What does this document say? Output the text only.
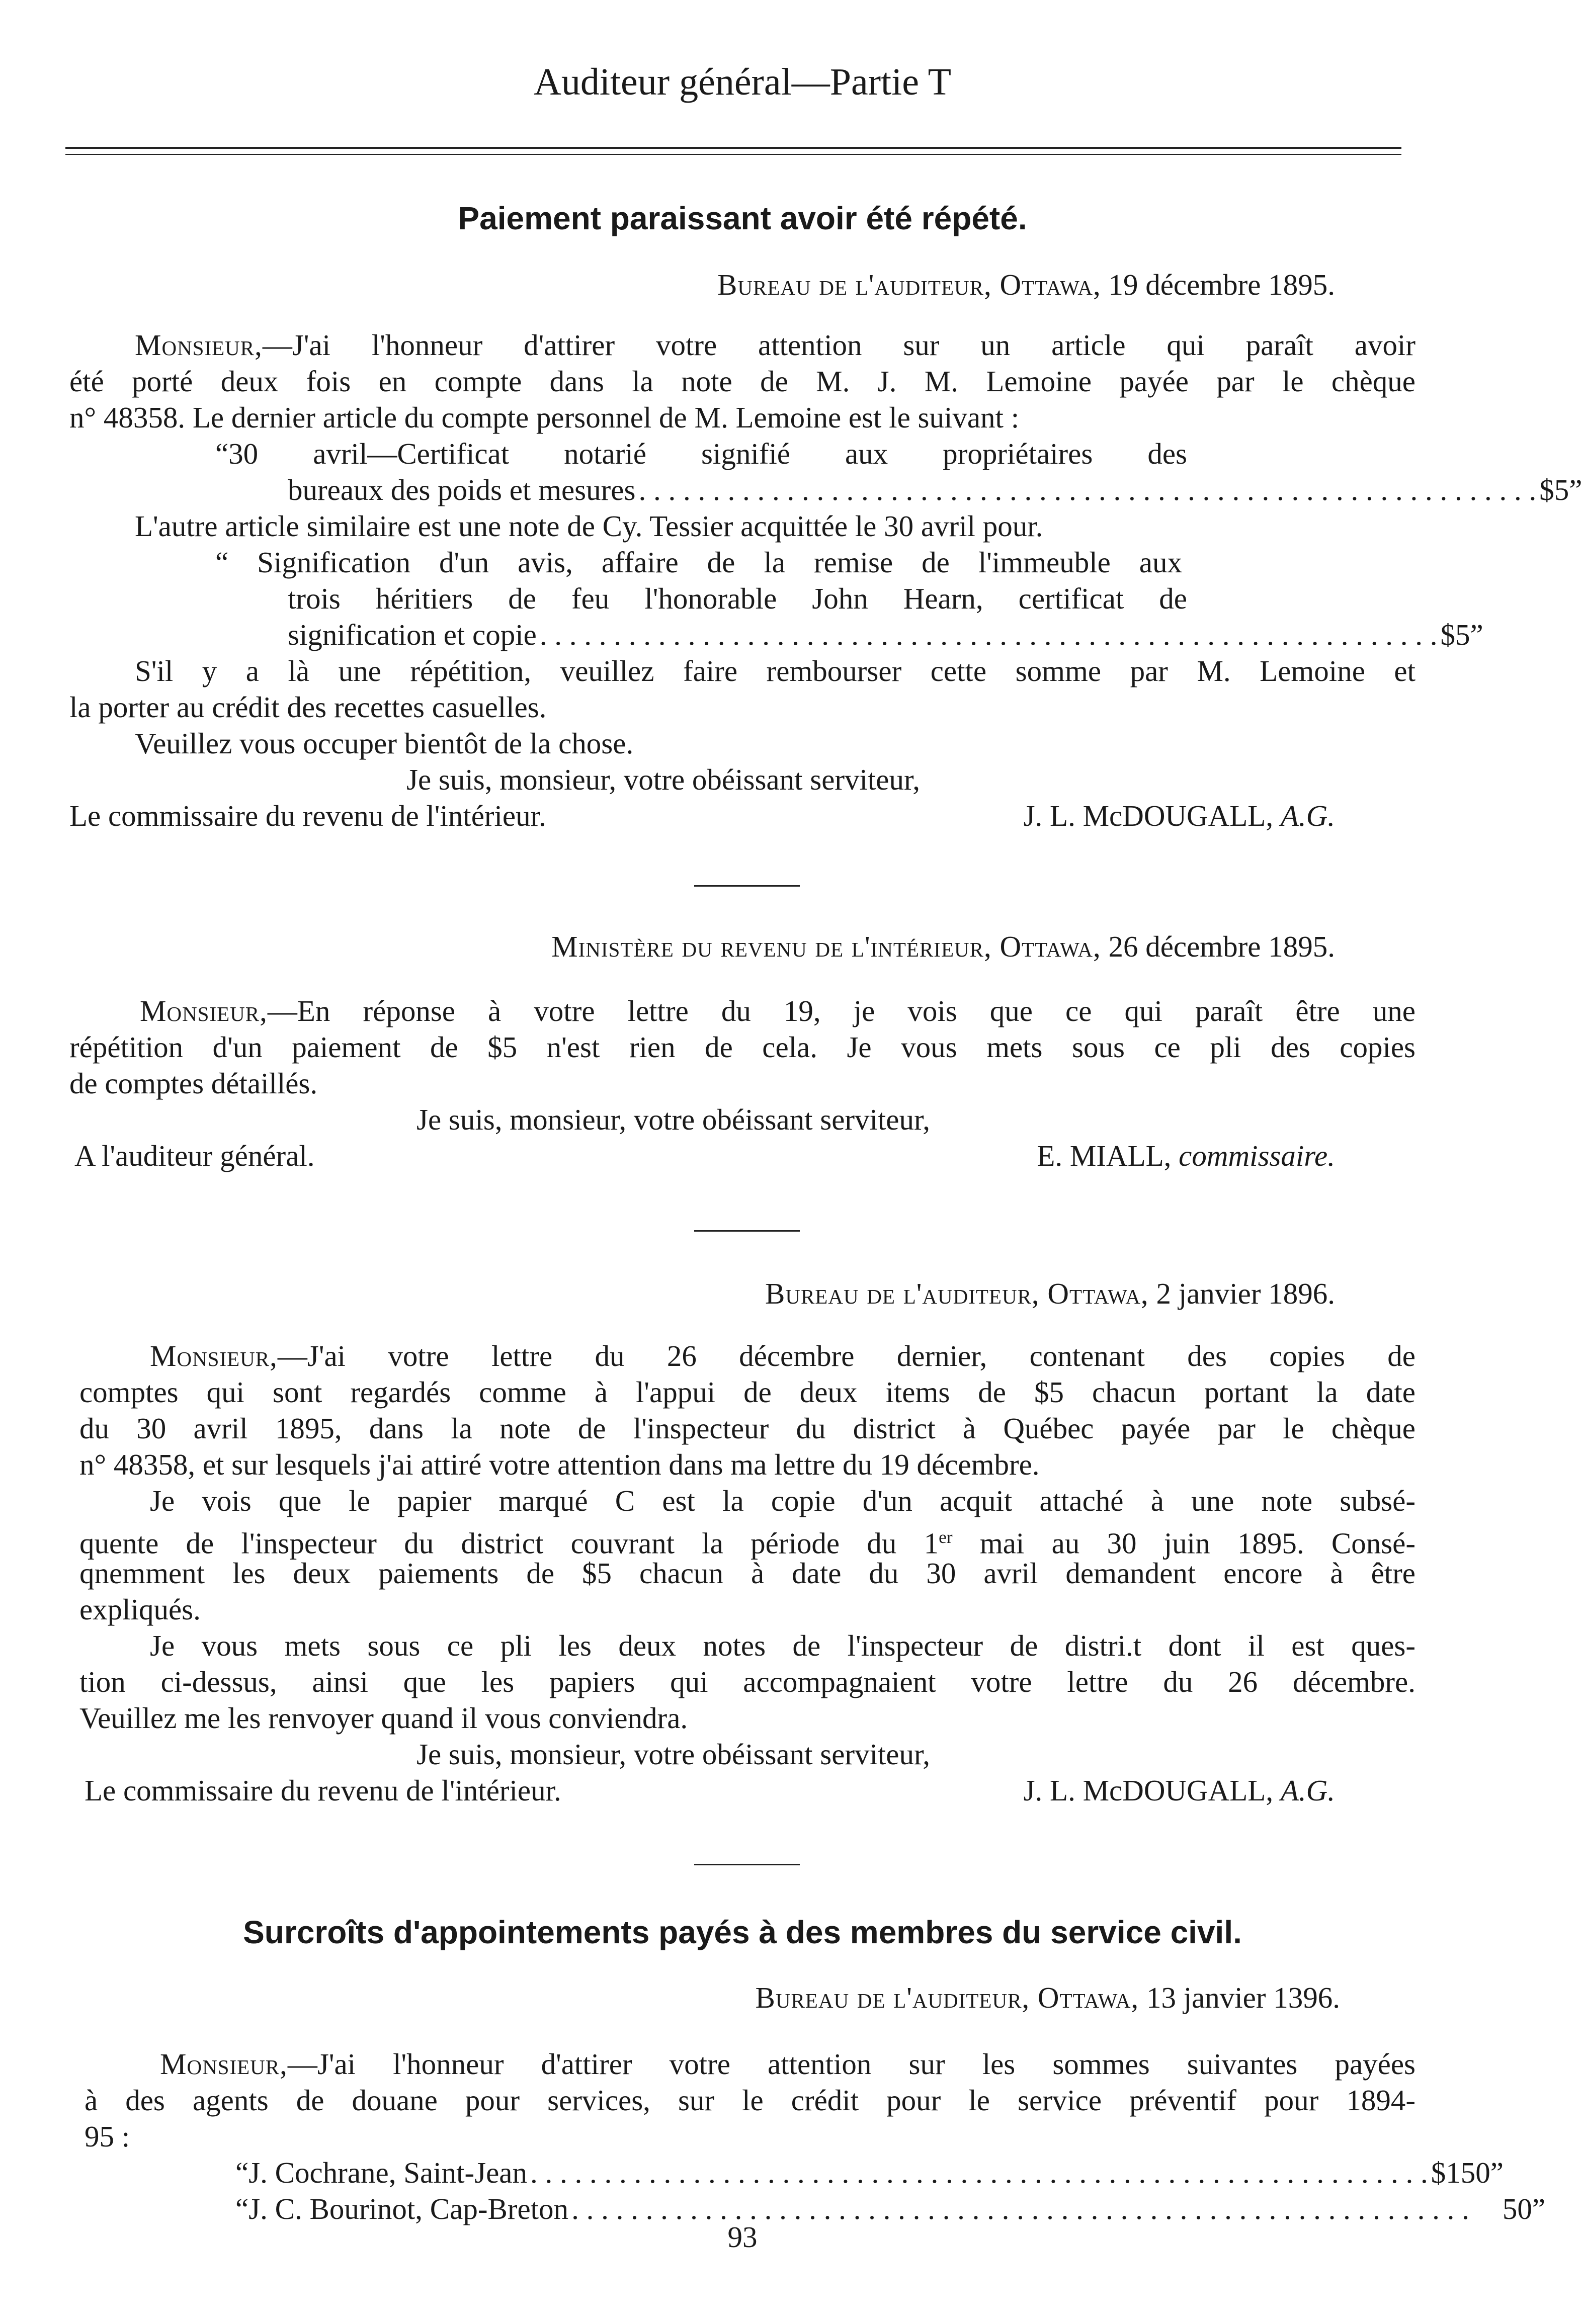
Auditeur général—Partie T
Paiement paraissant avoir été répété.
Bureau de l'auditeur, Ottawa, 19 décembre 1895.
Monsieur,—J'ai l'honneur d'attirer votre attention sur un article qui paraît avoir
été porté deux fois en compte dans la note de M. J. M. Lemoine payée par le chèque
n° 48358. Le dernier article du compte personnel de M. Lemoine est le suivant :
“30 avril—Certificat notarié signifié aux propriétaires des
bureaux des poids et mesures . . . . . . . . . . . . . . . . . . . . . . . . . . . . . . . . . . . . . . . . . . . . . . . . . . . . . . . . . . . . . $5”
L'autre article similaire est une note de Cy. Tessier acquittée le 30 avril pour.
“ Signification d'un avis, affaire de la remise de l'immeuble aux
trois héritiers de feu l'honorable John Hearn, certificat de
signification et copie . . . . . . . . . . . . . . . . . . . . . . . . . . . . . . . . . . . . . . . . . . . . . . . . . . . . . . . . . . . . . $5”
S'il y a là une répétition, veuillez faire rembourser cette somme par M. Lemoine et
la porter au crédit des recettes casuelles.
Veuillez vous occuper bientôt de la chose.
Je suis, monsieur, votre obéissant serviteur,
Le commissaire du revenu de l'intérieur.	J. L. McDOUGALL, A.G.
Ministère du revenu de l'intérieur, Ottawa, 26 décembre 1895.
Monsieur,—En réponse à votre lettre du 19, je vois que ce qui paraît être une
répétition d'un paiement de $5 n'est rien de cela. Je vous mets sous ce pli des copies
de comptes détaillés.
Je suis, monsieur, votre obéissant serviteur,
A l'auditeur général.	E. MIALL, commissaire.
Bureau de l'auditeur, Ottawa, 2 janvier 1896.
Monsieur,—J'ai votre lettre du 26 décembre dernier, contenant des copies de
comptes qui sont regardés comme à l'appui de deux items de $5 chacun portant la date
du 30 avril 1895, dans la note de l'inspecteur du district à Québec payée par le chèque
n° 48358, et sur lesquels j'ai attiré votre attention dans ma lettre du 19 décembre.
Je vois que le papier marqué C est la copie d'un acquit attaché à une note subsé-
quente de l'inspecteur du district couvrant la période du 1er mai au 30 juin 1895. Consé-
qnemment les deux paiements de $5 chacun à date du 30 avril demandent encore à être
expliqués.
Je vous mets sous ce pli les deux notes de l'inspecteur de distri.t dont il est ques-
tion ci-dessus, ainsi que les papiers qui accompagnaient votre lettre du 26 décembre.
Veuillez me les renvoyer quand il vous conviendra.
Je suis, monsieur, votre obéissant serviteur,
Le commissaire du revenu de l'intérieur.	J. L. McDOUGALL, A.G.
Surcroîts d'appointements payés à des membres du service civil.
Bureau de l'auditeur, Ottawa, 13 janvier 1396.
Monsieur,—J'ai l'honneur d'attirer votre attention sur les sommes suivantes payées
à des agents de douane pour services, sur le crédit pour le service préventif pour 1894-
95 :
“J. Cochrane, Saint-Jean . . . . . . . . . . . . . . . . . . . . . . . . . . . . . . . . . . . . . . . . . . . . . . . . . . . . . . . . . . . . . $150”
“J. C. Bourinot, Cap-Breton . . . . . . . . . . . . . . . . . . . . . . . . . . . . . . . . . . . . . . . . . . . . . . . . . . . . . . . . . . . . .	50”
93
